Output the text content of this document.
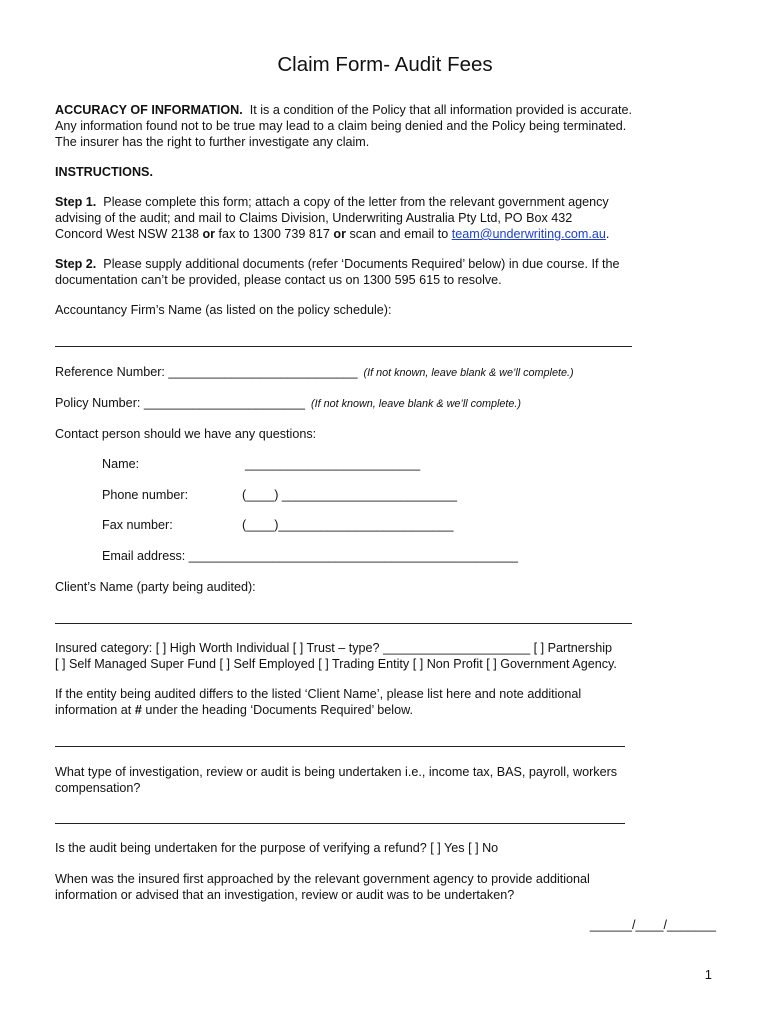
Claim Form- Audit Fees
ACCURACY OF INFORMATION. It is a condition of the Policy that all information provided is accurate.
Any information found not to be true may lead to a claim being denied and the Policy being terminated.
The insurer has the right to further investigate any claim.
INSTRUCTIONS.
Step 1. Please complete this form; attach a copy of the letter from the relevant government agency
advising of the audit; and mail to Claims Division, Underwriting Australia Pty Ltd, PO Box 432
Concord West NSW 2138 or fax to 1300 739 817 or scan and email to team@underwriting.com.au.
Step 2. Please supply additional documents (refer ‘Documents Required’ below) in due course. If the
documentation can’t be provided, please contact us on 1300 595 615 to resolve.
Accountancy Firm’s Name (as listed on the policy schedule):
Reference Number: ___________________________ (If not known, leave blank & we’ll complete.)
Policy Number: _______________________ (If not known, leave blank & we’ll complete.)
Contact person should we have any questions:
Name:	_________________________
Phone number:	(____) _________________________
Fax number:	(____)_________________________
Email address: _______________________________________________
Client’s Name (party being audited):
Insured category: [ ] High Worth Individual [ ] Trust – type? _____________________ [ ] Partnership
[ ] Self Managed Super Fund [ ] Self Employed [ ] Trading Entity [ ] Non Profit [ ] Government Agency.
If the entity being audited differs to the listed ‘Client Name’, please list here and note additional
information at # under the heading ‘Documents Required’ below.
What type of investigation, review or audit is being undertaken i.e., income tax, BAS, payroll, workers
compensation?
Is the audit being undertaken for the purpose of verifying a refund? [ ] Yes [ ] No
When was the insured first approached by the relevant government agency to provide additional
information or advised that an investigation, review or audit was to be undertaken?
______/____/_______
1
